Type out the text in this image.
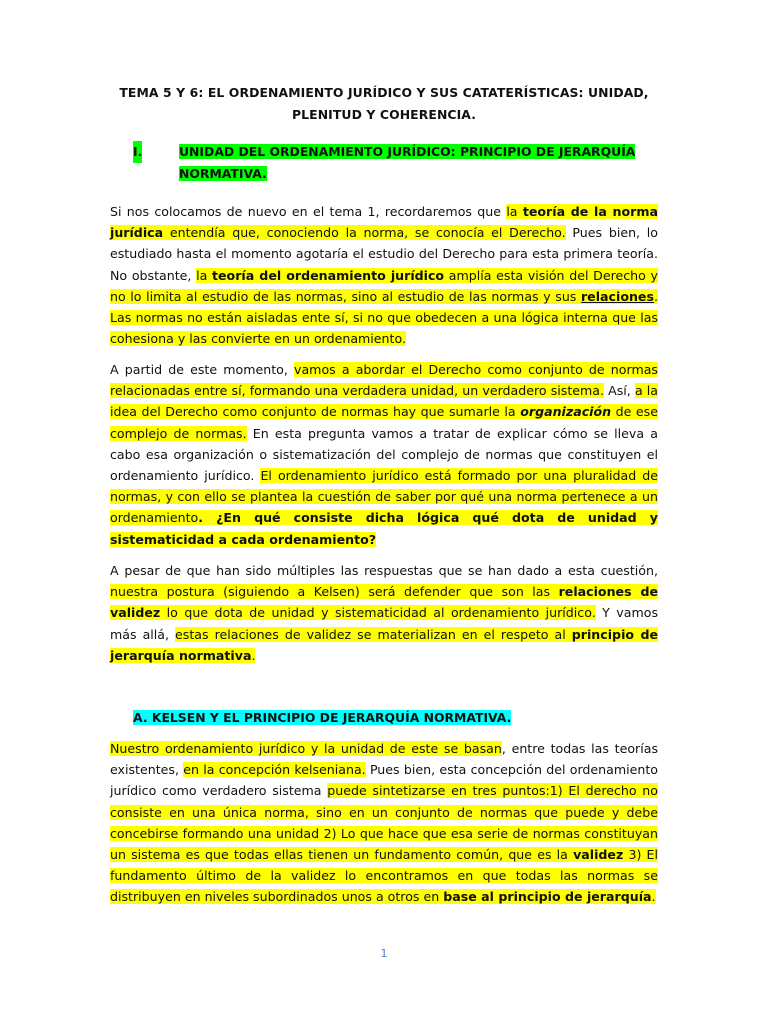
TEMA 5 Y 6: EL ORDENAMIENTO JURÍDICO Y SUS CATATERÍSTICAS: UNIDAD,
PLENITUD Y COHERENCIA.
I.	UNIDAD DEL ORDENAMIENTO JURÍDICO: PRINCIPIO DE JERARQUÍA
NORMATIVA.
Si nos colocamos de nuevo en el tema 1, recordaremos que la teoría de la norma jurídica entendía que, conociendo la norma, se conocía el Derecho. Pues bien, lo estudiado hasta el momento agotaría el estudio del Derecho para esta primera teoría. No obstante, la teoría del ordenamiento jurídico amplía esta visión del Derecho y no lo limita al estudio de las normas, sino al estudio de las normas y sus relaciones. Las normas no están aisladas ente sí, si no que obedecen a una lógica interna que las cohesiona y las convierte en un ordenamiento.
A partid de este momento, vamos a abordar el Derecho como conjunto de normas relacionadas entre sí, formando una verdadera unidad, un verdadero sistema. Así, a la idea del Derecho como conjunto de normas hay que sumarle la organización de ese complejo de normas. En esta pregunta vamos a tratar de explicar cómo se lleva a cabo esa organización o sistematización del complejo de normas que constituyen el ordenamiento jurídico. El ordenamiento jurídico está formado por una pluralidad de normas, y con ello se plantea la cuestión de saber por qué una norma pertenece a un ordenamiento. ¿En qué consiste dicha lógica qué dota de unidad y sistematicidad a cada ordenamiento?
A pesar de que han sido múltiples las respuestas que se han dado a esta cuestión, nuestra postura (siguiendo a Kelsen) será defender que son las relaciones de validez lo que dota de unidad y sistematicidad al ordenamiento jurídico. Y vamos más allá, estas relaciones de validez se materializan en el respeto al principio de jerarquía normativa.
A. KELSEN Y EL PRINCIPIO DE JERARQUÍA NORMATIVA.
Nuestro ordenamiento jurídico y la unidad de este se basan, entre todas las teorías existentes, en la concepción kelseniana. Pues bien, esta concepción del ordenamiento jurídico como verdadero sistema puede sintetizarse en tres puntos:1) El derecho no consiste en una única norma, sino en un conjunto de normas que puede y debe concebirse formando una unidad 2) Lo que hace que esa serie de normas constituyan un sistema es que todas ellas tienen un fundamento común, que es la validez 3) El fundamento último de la validez lo encontramos en que todas las normas se distribuyen en niveles subordinados unos a otros en base al principio de jerarquía.
1
